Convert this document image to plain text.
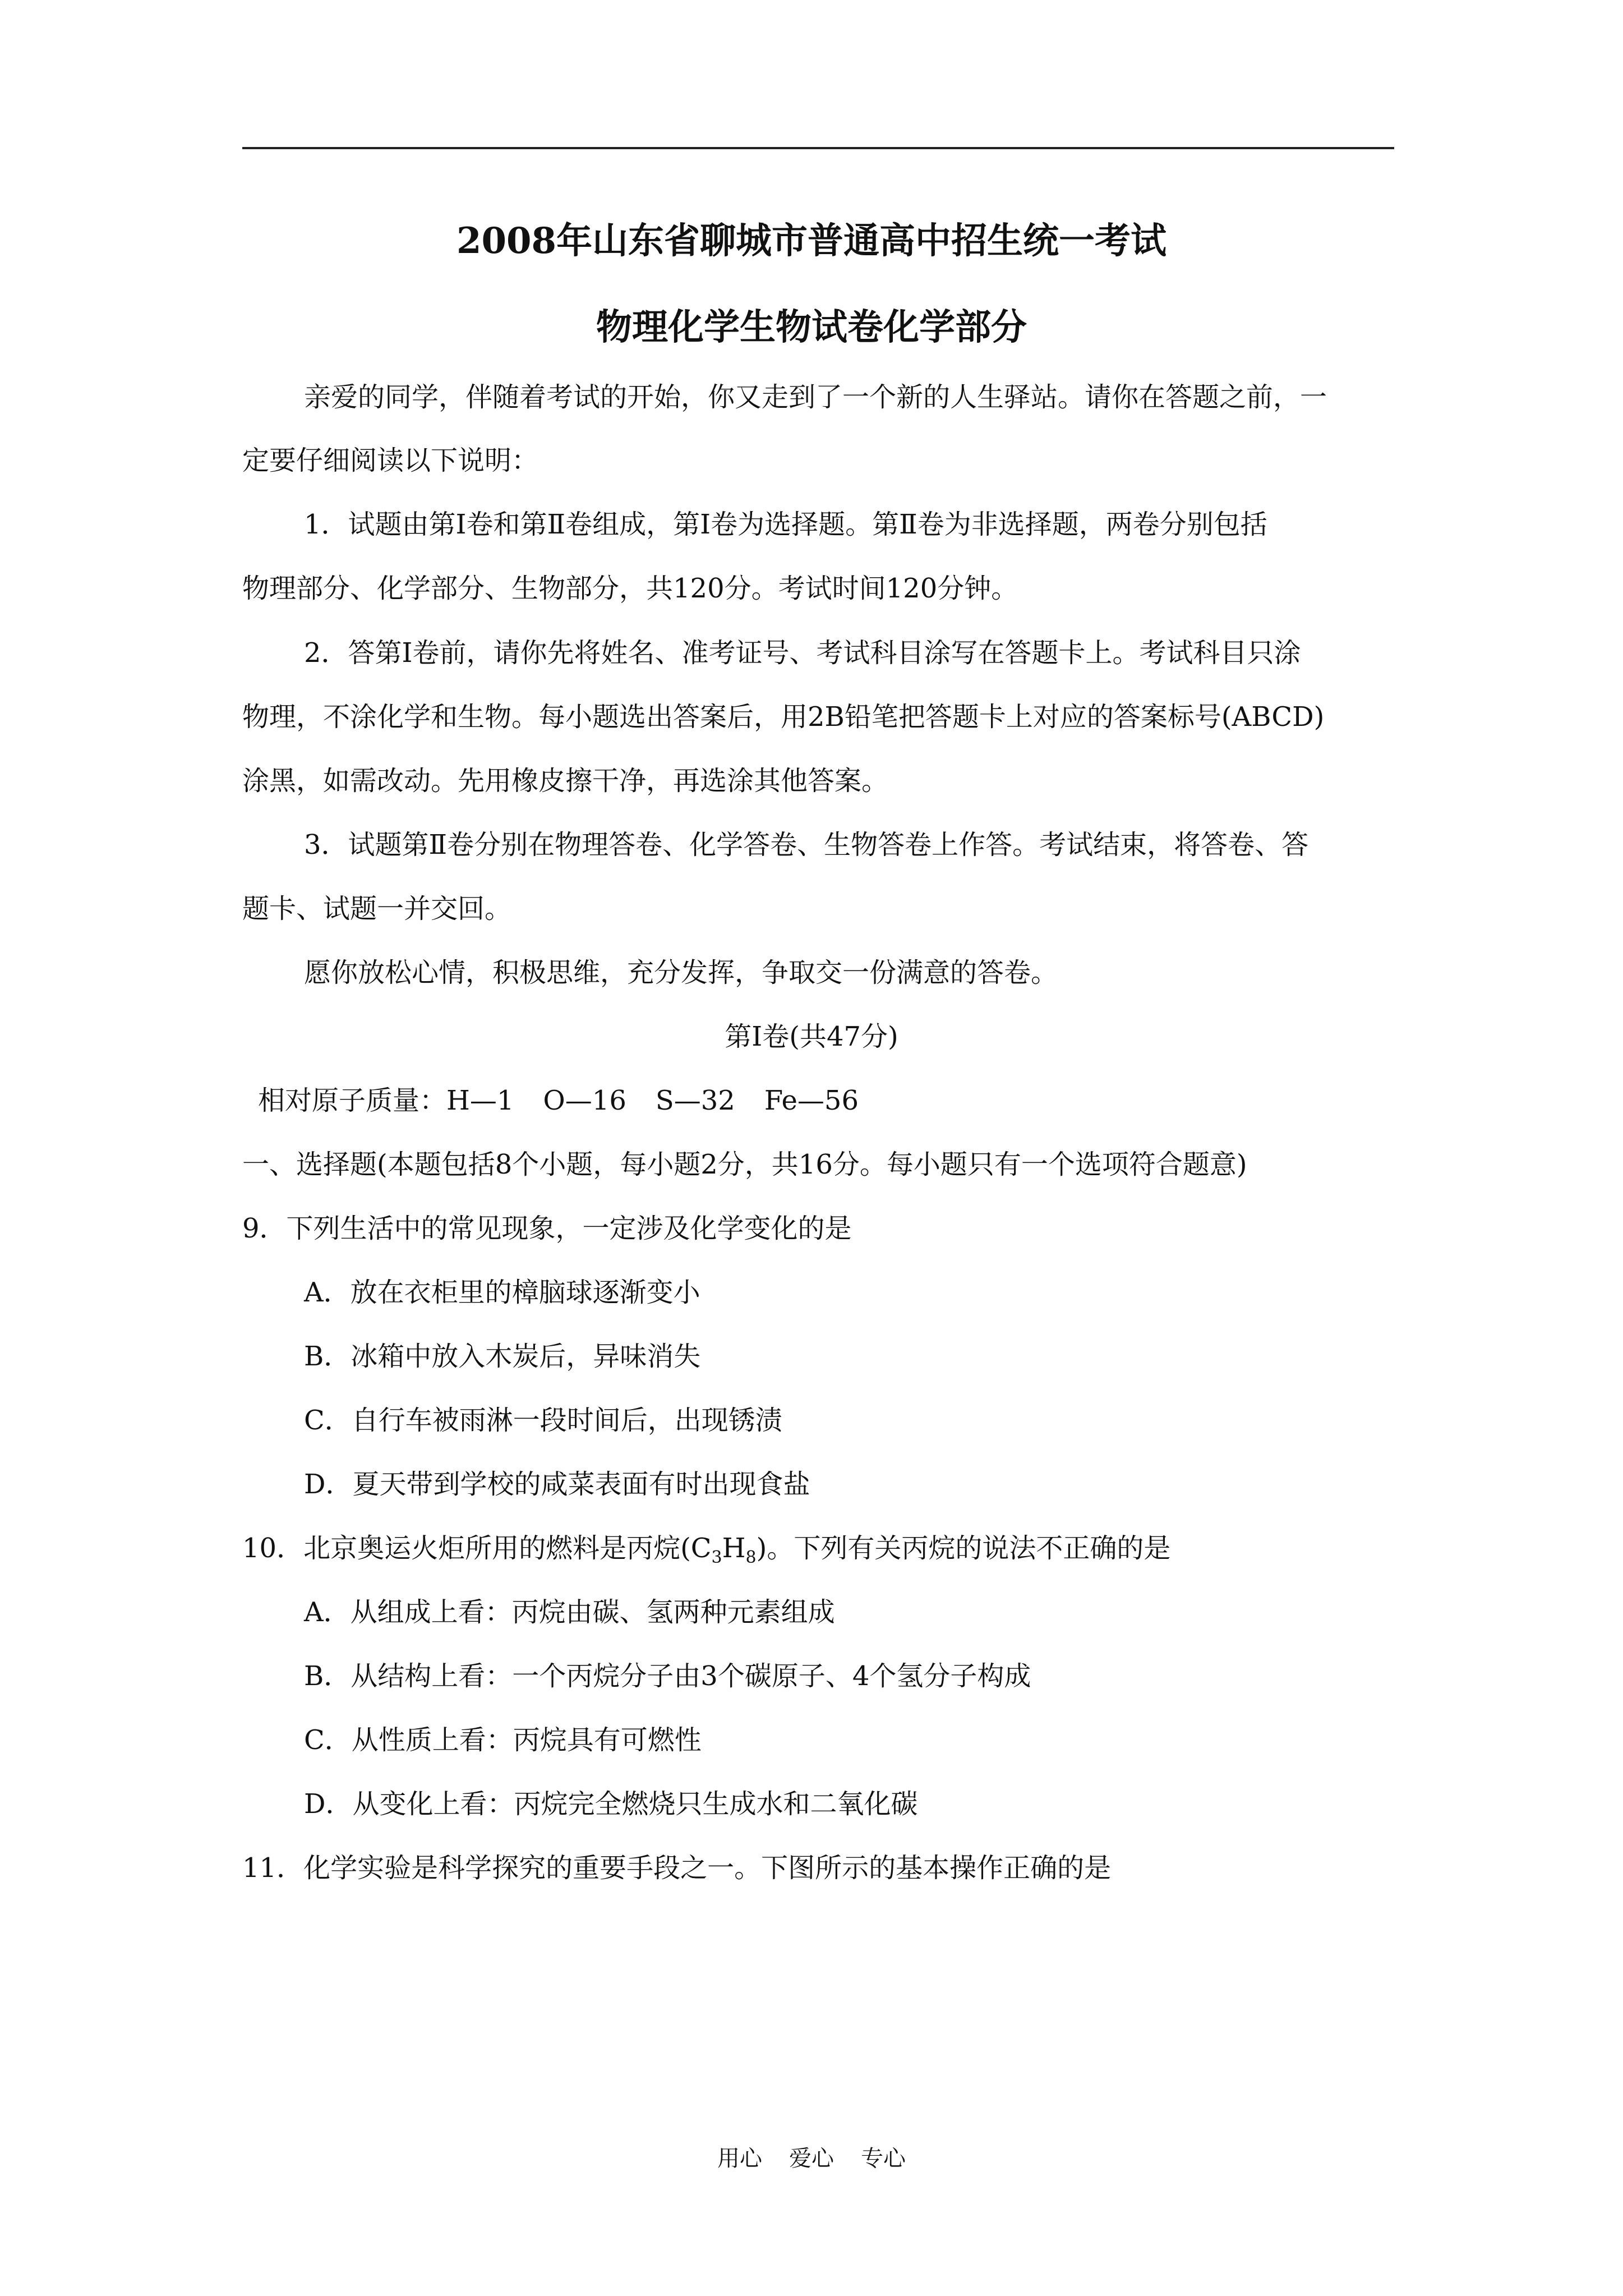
2008年山东省聊城市普通高中招生统一考试
物理化学生物试卷化学部分
亲爱的同学，伴随着考试的开始，你又走到了一个新的人生驿站。请你在答题之前，一
定要仔细阅读以下说明：
1．试题由第Ⅰ卷和第Ⅱ卷组成，第Ⅰ卷为选择题。第Ⅱ卷为非选择题，两卷分别包括
物理部分、化学部分、生物部分，共120分。考试时间120分钟。
2．答第Ⅰ卷前，请你先将姓名、准考证号、考试科目涂写在答题卡上。考试科目只涂
物理，不涂化学和生物。每小题选出答案后，用2B铅笔把答题卡上对应的答案标号(ABCD)
涂黑，如需改动。先用橡皮擦干净，再选涂其他答案。
3．试题第Ⅱ卷分别在物理答卷、化学答卷、生物答卷上作答。考试结束，将答卷、答
题卡、试题一并交回。
愿你放松心情，积极思维，充分发挥，争取交一份满意的答卷。
第Ⅰ卷(共47分)
相对原子质量：H—1 O—16 S—32 Fe—56
一、选择题(本题包括8个小题，每小题2分，共16分。每小题只有一个选项符合题意)
9．下列生活中的常见现象，一定涉及化学变化的是
A．放在衣柜里的樟脑球逐渐变小
B．冰箱中放入木炭后，异味消失
C．自行车被雨淋一段时间后，出现锈渍
D．夏天带到学校的咸菜表面有时出现食盐
10．北京奥运火炬所用的燃料是丙烷$(C_3H_8)$。下列有关丙烷的说法不正确的是
A．从组成上看：丙烷由碳、氢两种元素组成
B．从结构上看：一个丙烷分子由3个碳原子、4个氢分子构成
C．从性质上看：丙烷具有可燃性
D．从变化上看：丙烷完全燃烧只生成水和二氧化碳
11．化学实验是科学探究的重要手段之一。下图所示的基本操作正确的是
用心 爱心 专心
